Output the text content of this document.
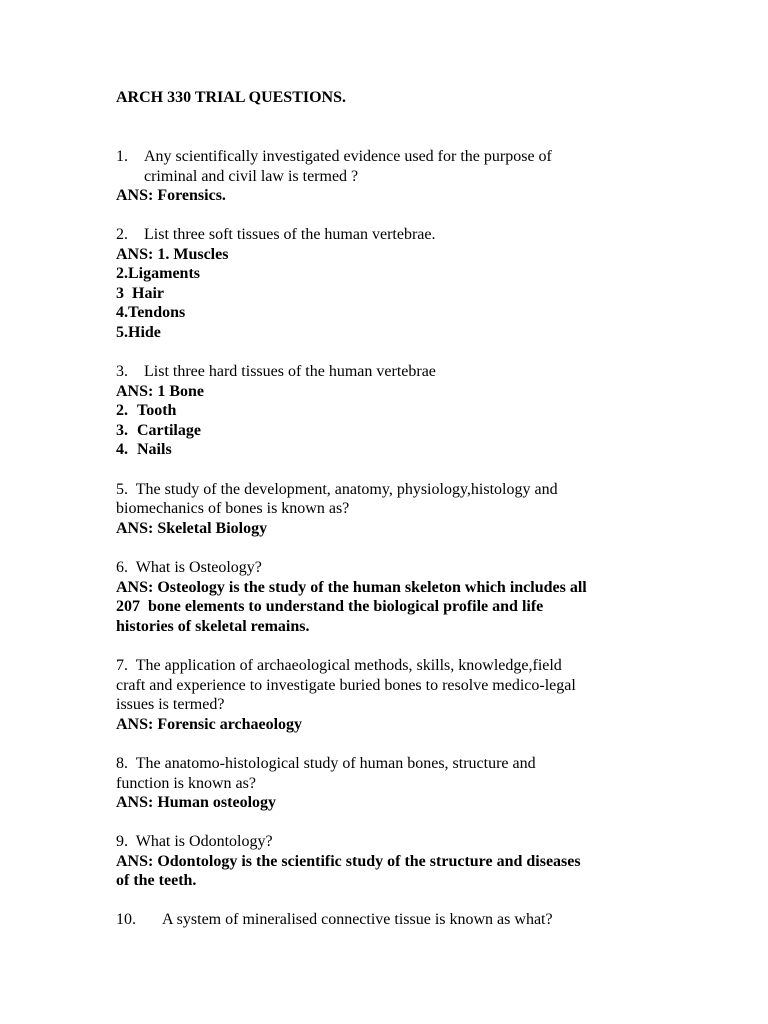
ARCH 330 TRIAL QUESTIONS.
1. Any scientifically investigated evidence used for the purpose of
criminal and civil law is termed ?
ANS: Forensics.
2. List three soft tissues of the human vertebrae.
ANS: 1. Muscles
2.Ligaments
3  Hair
4.Tendons
5.Hide
3. List three hard tissues of the human vertebrae
ANS: 1 Bone
2. Tooth
3. Cartilage
4. Nails
5.  The study of the development, anatomy, physiology,histology and
biomechanics of bones is known as?
ANS: Skeletal Biology
6.  What is Osteology?
ANS: Osteology is the study of the human skeleton which includes all
207  bone elements to understand the biological profile and life
histories of skeletal remains.
7.  The application of archaeological methods, skills, knowledge,field
craft and experience to investigate buried bones to resolve medico-legal
issues is termed?
ANS: Forensic archaeology
8.  The anatomo-histological study of human bones, structure and
function is known as?
ANS: Human osteology
9.  What is Odontology?
ANS: Odontology is the scientific study of the structure and diseases
of the teeth.
10. A system of mineralised connective tissue is known as what?
